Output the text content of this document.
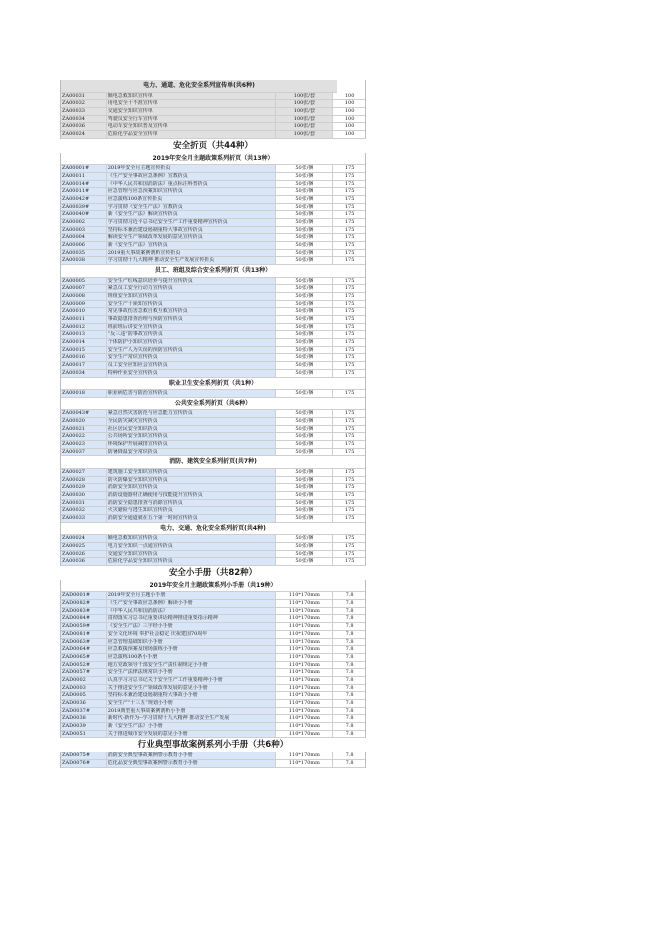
电力、通道、危化安全系列宣传单(共6种)
ZA00031	额电急救知识宣传单	100张/套	100
ZA00032	用电安全十不准宣传单	100张/套	100
ZA00033	交通安全知识宣传单	100张/套	100
ZA00034	驾驶员安全行车宣传单	100张/套	100
ZA00036	电动车安全知识普及宣传单	100张/套	100
ZA00024	危险化学品安全宣传单	100张/套	100
安全折页（共44种）
2019年安全月主题政策系列折页（共13种）
ZA00001#	2019年安全月主题宣传折页	50张/捆	175
ZA00011	《生产安全事故应急条例》宣教折页	50张/捆	175
ZA00014#	《中华人民共和国消防法》重点标注科普折页	50张/捆	175
ZA00011#	应急管理与应急预案知识宣传折页	50张/捆	175
ZA00042#	应急演练100条宣传折页	50张/捆	175
ZA00039#	学习贯彻《安全生产法》宣教折页	50张/捆	175
ZA00040#	新《安全生产法》解读宣传折页	50张/捆	175
ZA00002	学习贯彻习近平总书记安全生产工作重要精神宣传折页	50张/捆	175
ZA00003	坚持标本兼治建设遏制重特大事故宣传折页	50张/捆	175
ZA00004	解读安全生产领域改革发展的意见宣传折页	50张/捆	175
ZA00006	新《安全生产法》宣传折页	50张/捆	175
ZA00035	2019重大事故案例剖析宣传折页	50张/捆	175
ZA00038	学习贯彻十九大精神 推动安全生产发展宣传折页	50张/捆	175
员工、班组及综合安全系列折页（共13种）
ZA00005	安全生产红线意识培养与提升宣传折页	50张/捆	175
ZA00007	紧急员工安全行动力宣传折页	50张/捆	175
ZA00008	班组安全知识宣传折页	50张/捆	175
ZA00009	安全生产十须知宣传折页	50张/捆	175
ZA00010	常见事故伤害急救自救互救宣传折页	50张/捆	175
ZA00011	事故隐患排查治理与预防宣传折页	50张/捆	175
ZA00012	班前班后讲安全宣传折页	50张/捆	175
ZA00013	“反三违”防事故宣传折页	50张/捆	175
ZA00014	个体防护小知识宣传折页	50张/捆	175
ZA00015	安全生产人为失误的预防宣传折页	50张/捆	175
ZA00016	安全生产常识宣传折页	50张/捆	175
ZA00017	员工安全应知应会宣传折页	50张/捆	175
ZA00034	特种作业安全宣传折页	50张/捆	175
职业卫生安全系列折页（共1种）
ZA00018	职业病危害与防治宣传折页	50张/捆	175
公共安全系列折页（共6种）
ZA00043#	紧急自然灾害防范与应急能力宣传折页	50张/捆	175
ZA00020	全民防灾减灾宣传折页	50张/捆	175
ZA00021	社区居民安全知识折页	50张/捆	175
ZA00022	公共场所安全知识宣传折页	50张/捆	175
ZA00023	环境保护开展减排宣传折页	50张/捆	175
ZA00037	防暑降温安全常识折页	50张/捆	175
消防、建筑安全系列折页(共7种)
ZA00027	建筑施工安全知识宣传折页	50张/捆	175
ZA00028	防灭防爆安全知识宣传折页	50张/捆	175
ZA00029	消防安全知识宣传折页	50张/捆	175
ZA00030	消防设施器材正确使用与技能提升宣传折页	50张/捆	175
ZA00031	消防安全隐患排查与消除宣传折页	50张/捆	175
ZA00032	火灾避险与逃生知识宣传折页	50张/捆	175
ZA00033	消防安全通道就在五个第一时间宣传折页	50张/捆	175
电力、交通、危化安全系列折页(共4种)
ZA00024	额电急救知识宣传折页	50张/捆	175
ZA00025	电力安全知识一点通宣传折页	50张/捆	175
ZA00026	交通安全知识宣传折页	50张/捆	175
ZA00036	危险化学品安全知识宣传折页	50张/捆	175
安全小手册（共82种）
2019年安全月主题政策系列小手册（共19种）
ZAD0001#	2019年安全月主题小手册	110*170mm	7.8
ZAD0082#	《生产安全事故应急条例》解读小手册	110*170mm	7.8
ZAD0083#	《中华人民共和国消防法》	110*170mm	7.8
ZAD0084#	贯彻落实习总书记重要讲话精神推进重要指示精神	110*170mm	7.8
ZAD0059#	《安全生产法》三字经小手册	110*170mm	7.8
ZAD0081#	安全文化环境 奉护社会稳定 庆祝建国70周年	110*170mm	7.8
ZAD0063#	应急管理基础知识小手册	110*170mm	7.8
ZAD0064#	应急救援预案及现场演练小手册	110*170mm	7.8
ZAD0065#	应急演练100条小手册	110*170mm	7.8
ZAD0052#	地方党政领导干部安全生产责任制规定小手册	110*170mm	7.8
ZAD0057#	安全生产法律法规常识小手册	110*170mm	7.8
ZAD0002	认真学习习总书记关于安全生产工作重要精神小手册	110*170mm	7.8
ZAD0003	关于推进安全生产领域改革发展的意见小手册	110*170mm	7.8
ZAD0005	坚持标本兼治建设遏制重特大事故小手册	110*170mm	7.8
ZAD0036	安全生产“十三五”规划小手册	110*170mm	7.8
ZAD0037#	2019典型重大事故案例剖析小手册	110*170mm	7.8
ZAD0038	新时代·新作为--学习贯彻十九大精神 推动安全生产发展	110*170mm	7.8
ZAD0039	新《安全生产法》小手册	110*170mm	7.8
ZAD0051	关于推进城市安全发展的意见小手册	110*170mm	7.8
行业典型事故案例系列小手册（共6种）
ZAD0075#	消防安全典型事故案例警示教育小手册	110*170mm	7.8
ZAD0076#	危化品安全典型事故案例警示教育小手册	110*170mm	7.8
